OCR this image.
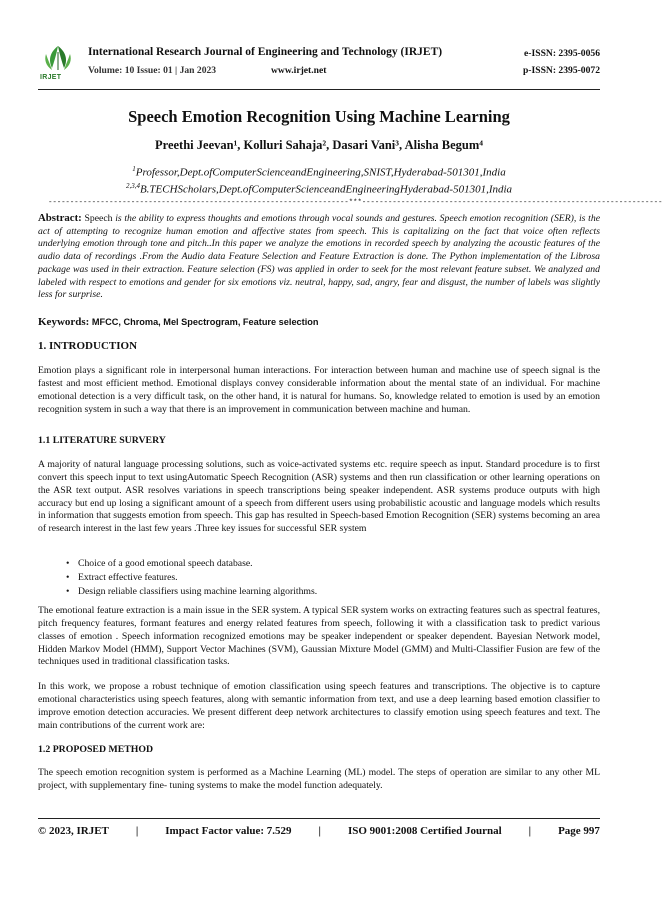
IRJET
International Research Journal of Engineering and Technology (IRJET)
Volume: 10 Issue: 01 | Jan 2023	www.irjet.net
e-ISSN: 2395-0056
p-ISSN: 2395-0072
Speech Emotion Recognition Using Machine Learning
Preethi Jeevan¹, Kolluri Sahaja², Dasari Vani³, Alisha Begum⁴
$^1$Professor,Dept.ofComputerScienceandEngineering,SNIST,Hyderabad-501301,India
$^{2,3,4}$B.TECHScholars,Dept.ofComputerScienceandEngineeringHyderabad-501301,India
---------------------------------------------------------------------***---------------------------------------------------------------------
Abstract: Speech is the ability to express thoughts and emotions through vocal sounds and gestures. Speech emotion recognition (SER), is the act of attempting to recognize human emotion and affective states from speech. This is capitalizing on the fact that voice often reflects underlying emotion through tone and pitch..In this paper we analyze the emotions in recorded speech by analyzing the acoustic features of the audio data of recordings .From the Audio data Feature Selection and Feature Extraction is done. The Python implementation of the Librosa package was used in their extraction. Feature selection (FS) was applied in order to seek for the most relevant feature subset. We analyzed and labeled with respect to emotions and gender for six emotions viz. neutral, happy, sad, angry, fear and disgust, the number of labels was slightly less for surprise.
Keywords: MFCC, Chroma, Mel Spectrogram, Feature selection
1. INTRODUCTION

Emotion plays a significant role in interpersonal human interactions. For interaction between human and machine use of speech signal is the fastest and most efficient method. Emotional displays convey considerable information about the mental state of an individual. For machine emotional detection is a very difficult task, on the other hand, it is natural for humans. So, knowledge related to emotion is used by an emotion recognition system in such a way that there is an improvement in communication between machine and human.

1.1 LITERATURE SURVERY

A majority of natural language processing solutions, such as voice-activated systems etc. require speech as input. Standard procedure is to first convert this speech input to text usingAutomatic Speech Recognition (ASR) systems and then run classification or other learning operations on the ASR text output. ASR resolves variations in speech transcriptions being speaker independent. ASR systems produce outputs with high accuracy but end up losing a significant amount of a speech from different users using probabilistic acoustic and language models which results in information that suggests emotion from speech. This gap has resulted in Speech-based Emotion Recognition (SER) systems becoming an area of research interest in the last few years .Three key issues for successful SER system

• Choice of a good emotional speech database.
• Extract effective features.
• Design reliable classifiers using machine learning algorithms.

The emotional feature extraction is a main issue in the SER system. A typical SER system works on extracting features such as spectral features, pitch frequency features, formant features and energy related features from speech, following it with a classification task to predict various classes of emotion . Speech information recognized emotions may be speaker independent or speaker dependent. Bayesian Network model, Hidden Markov Model (HMM), Support Vector Machines (SVM), Gaussian Mixture Model (GMM) and Multi-Classifier Fusion are few of the techniques used in traditional classification tasks.

In this work, we propose a robust technique of emotion classification using speech features and transcriptions. The objective is to capture emotional characteristics using speech features, along with semantic information from text, and use a deep learning based emotion classifier to improve emotion detection accuracies. We present different deep network architectures to classify emotion using speech features and text. The main contributions of the current work are:

1.2 PROPOSED METHOD

The speech emotion recognition system is performed as a Machine Learning (ML) model. The steps of operation are similar to any other ML project, with supplementary fine- tuning systems to make the model function adequately.

© 2023, IRJET | Impact Factor value: 7.529 | ISO 9001:2008 Certified Journal | Page 997
